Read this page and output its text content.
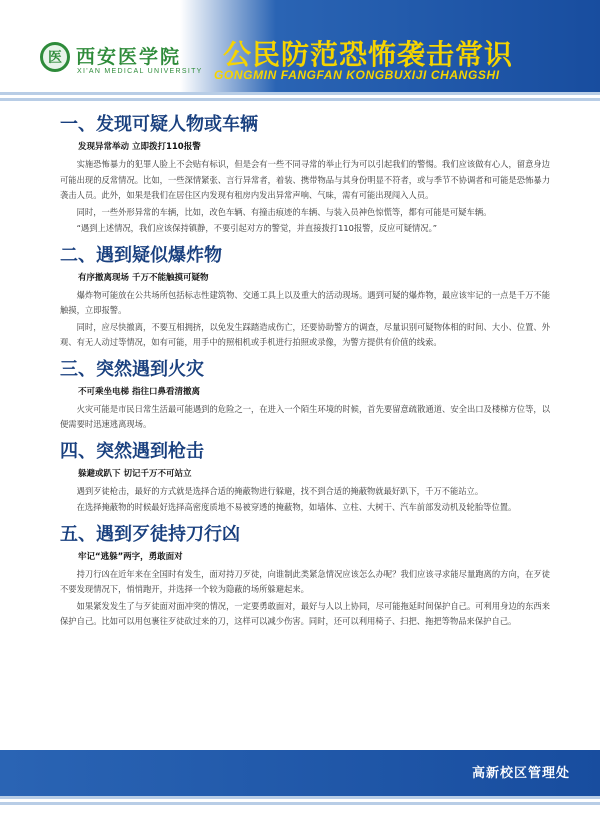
医 西安医学院
XI'AN MEDICAL UNIVERSITY
公民防范恐怖袭击常识
GONGMIN FANGFAN KONGBUXIJI CHANGSHI
一、发现可疑人物或车辆
发现异常举动 立即拨打110报警

实施恐怖暴力的犯罪人脸上不会贴有标识，但是会有一些不同寻常的举止行为可以引起我们的警惕。我们应该做有心人，留意身边可能出现的反常情况。比如，一些深情紧张、言行异常者，着装、携带物品与其身份明显不符者，或与季节不协调者和可能是恐怖暴力袭击人员。此外，如果是我们在居住区内发现有租房内发出异常声响、气味，需有可能出现闯入人员。

同时，一些外形异常的车辆，比如，改色车辆、有撞击痕迹的车辆、与装入员神色惊慌等，都有可能是可疑车辆。

“遇到上述情况，我们应该保持镇静，不要引起对方的警觉，并直接拨打110报警，反应可疑情况。”

二、遇到疑似爆炸物
有序撤离现场 千万不能触摸可疑物

爆炸物可能放在公共场所包括标志性建筑物、交通工具上以及重大的活动现场。遇到可疑的爆炸物，最应该牢记的一点是千万不能触摸，立即报警。

同时，应尽快撤离，不要互相拥挤，以免发生踩踏造成伤亡，还要协助警方的调查，尽量识别可疑物体相的时间、大小、位置、外观、有无人动过等情况，如有可能，用手中的照相机或手机进行拍照或录像，为警方提供有价值的线索。

三、突然遇到火灾
不可乘坐电梯 指往口鼻看清撤离

火灾可能是市民日常生活最可能遇到的危险之一，在进入一个陌生环境的时候，首先要留意疏散通道、安全出口及楼梯方位等，以便需要时迅速逃离现场。

四、突然遇到枪击
躲避或趴下 切记千万不可站立

遇到歹徒枪击，最好的方式就是选择合适的掩蔽物进行躲避，找不到合适的掩蔽物就最好趴下，千万不能站立。

在选择掩蔽物的时候最好选择高密度质地不易被穿透的掩蔽物，如墙体、立柱、大树干、汽车前部发动机及轮胎等位置。

五、遇到歹徒持刀行凶
牢记“逃躲”两字，勇敢面对

持刀行凶在近年来在全国时有发生，面对持刀歹徒，向谁制此类紧急情况应该怎么办呢？我们应该寻求能尽量跑离的方向，在歹徒不要发现情况下，悄悄跑开，并选择一个较为隐蔽的场所躲避起来。

如果紧发发生了与歹徒面对面冲突的情况，一定要勇敢面对，最好与人以上协同，尽可能拖延时间保护自己。可利用身边的东西来保护自己。比如可以用包裹往歹徒砍过来的刀，这样可以减少伤害。同时，还可以利用椅子、扫把、拖把等物品来保护自己。

高新校区管理处
